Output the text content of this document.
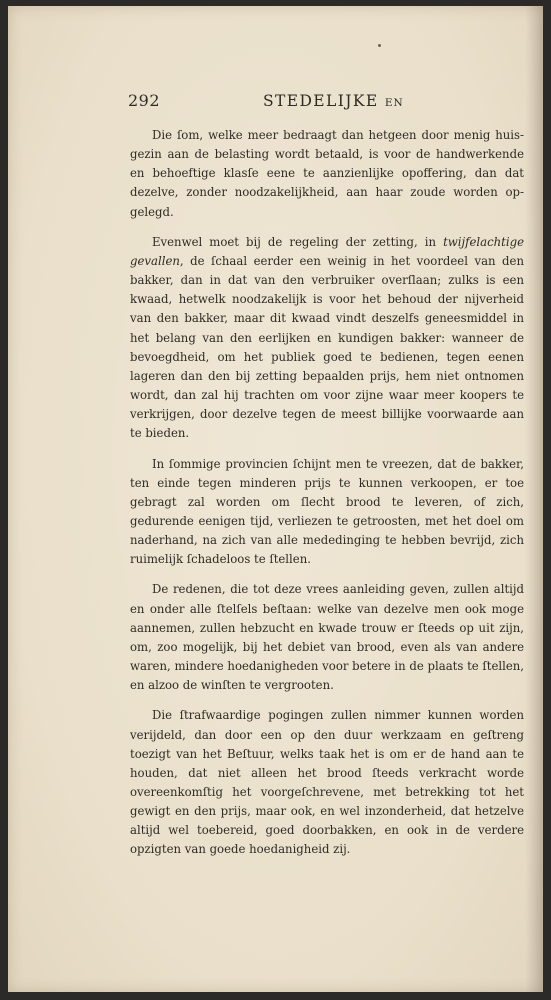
292	STEDELIJKE EN

Die ſom, welke meer bedraagt dan hetgeen door menig huisgezin aan de belasting wordt betaald, is voor de handwerkende en behoeftige klasſe eene te aanzienlijke opoffering, dan dat dezelve, zonder noodzakelijkheid, aan haar zoude worden opgelegd.

Evenwel moet bij de regeling der zetting, in twijfelachtige gevallen, de ſchaal eerder een weinig in het voordeel van den bakker, dan in dat van den verbruiker overſlaan; zulks is een kwaad, hetwelk noodzakelijk is voor het behoud der nijverheid van den bakker, maar dit kwaad vindt deszelfs geneesmiddel in het belang van den eerlijken en kundigen bakker: wanneer de bevoegdheid, om het publiek goed te bedienen, tegen eenen lageren dan den bij zetting bepaalden prijs, hem niet ontnomen wordt, dan zal hij trachten om voor zijne waar meer koopers te verkrijgen, door dezelve tegen de meest billijke voorwaarde aan te bieden.

In ſommige provincien ſchijnt men te vreezen, dat de bakker, ten einde tegen minderen prijs te kunnen verkoopen, er toe gebragt zal worden om ſlecht brood te leveren, of zich, gedurende eenigen tijd, verliezen te getroosten, met het doel om naderhand, na zich van alle mededinging te hebben bevrijd, zich ruimelijk ſchadeloos te ſtellen.

De redenen, die tot deze vrees aanleiding geven, zullen altijd en onder alle ſtelſels beſtaan: welke van dezelve men ook moge aannemen, zullen hebzucht en kwade trouw er ſteeds op uit zijn, om, zoo mogelijk, bij het debiet van brood, even als van andere waren, mindere hoedanigheden voor betere in de plaats te ſtellen, en alzoo de winſten te vergrooten.

Die ſtrafwaardige pogingen zullen nimmer kunnen worden verijdeld, dan door een op den duur werkzaam en geſtreng toezigt van het Beſtuur, welks taak het is om er de hand aan te houden, dat niet alleen het brood ſteeds verkracht worde overeenkomſtig het voorgeſchrevene, met betrekking tot het gewigt en den prijs, maar ook, en wel inzonderheid, dat hetzelve altijd wel toebereid, goed doorbakken, en ook in de verdere opzigten van goede hoedanigheid zij.
